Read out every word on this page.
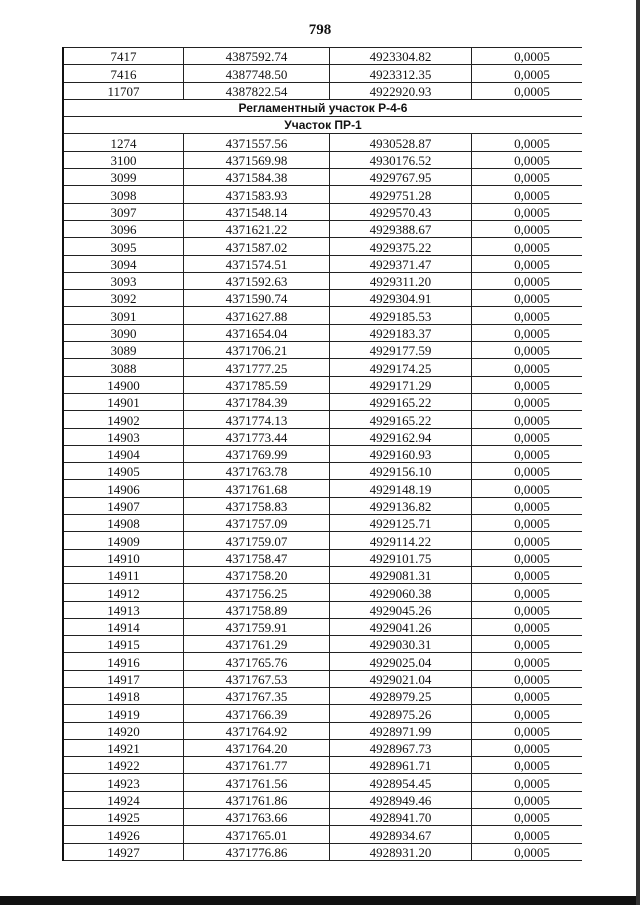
798
7417	4387592.74	4923304.82	0,0005
7416	4387748.50	4923312.35	0,0005
11707	4387822.54	4922920.93	0,0005
Регламентный участок Р-4-6			
Участок ПР-1			
1274	4371557.56	4930528.87	0,0005
3100	4371569.98	4930176.52	0,0005
3099	4371584.38	4929767.95	0,0005
3098	4371583.93	4929751.28	0,0005
3097	4371548.14	4929570.43	0,0005
3096	4371621.22	4929388.67	0,0005
3095	4371587.02	4929375.22	0,0005
3094	4371574.51	4929371.47	0,0005
3093	4371592.63	4929311.20	0,0005
3092	4371590.74	4929304.91	0,0005
3091	4371627.88	4929185.53	0,0005
3090	4371654.04	4929183.37	0,0005
3089	4371706.21	4929177.59	0,0005
3088	4371777.25	4929174.25	0,0005
14900	4371785.59	4929171.29	0,0005
14901	4371784.39	4929165.22	0,0005
14902	4371774.13	4929165.22	0,0005
14903	4371773.44	4929162.94	0,0005
14904	4371769.99	4929160.93	0,0005
14905	4371763.78	4929156.10	0,0005
14906	4371761.68	4929148.19	0,0005
14907	4371758.83	4929136.82	0,0005
14908	4371757.09	4929125.71	0,0005
14909	4371759.07	4929114.22	0,0005
14910	4371758.47	4929101.75	0,0005
14911	4371758.20	4929081.31	0,0005
14912	4371756.25	4929060.38	0,0005
14913	4371758.89	4929045.26	0,0005
14914	4371759.91	4929041.26	0,0005
14915	4371761.29	4929030.31	0,0005
14916	4371765.76	4929025.04	0,0005
14917	4371767.53	4929021.04	0,0005
14918	4371767.35	4928979.25	0,0005
14919	4371766.39	4928975.26	0,0005
14920	4371764.92	4928971.99	0,0005
14921	4371764.20	4928967.73	0,0005
14922	4371761.77	4928961.71	0,0005
14923	4371761.56	4928954.45	0,0005
14924	4371761.86	4928949.46	0,0005
14925	4371763.66	4928941.70	0,0005
14926	4371765.01	4928934.67	0,0005
14927	4371776.86	4928931.20	0,0005
